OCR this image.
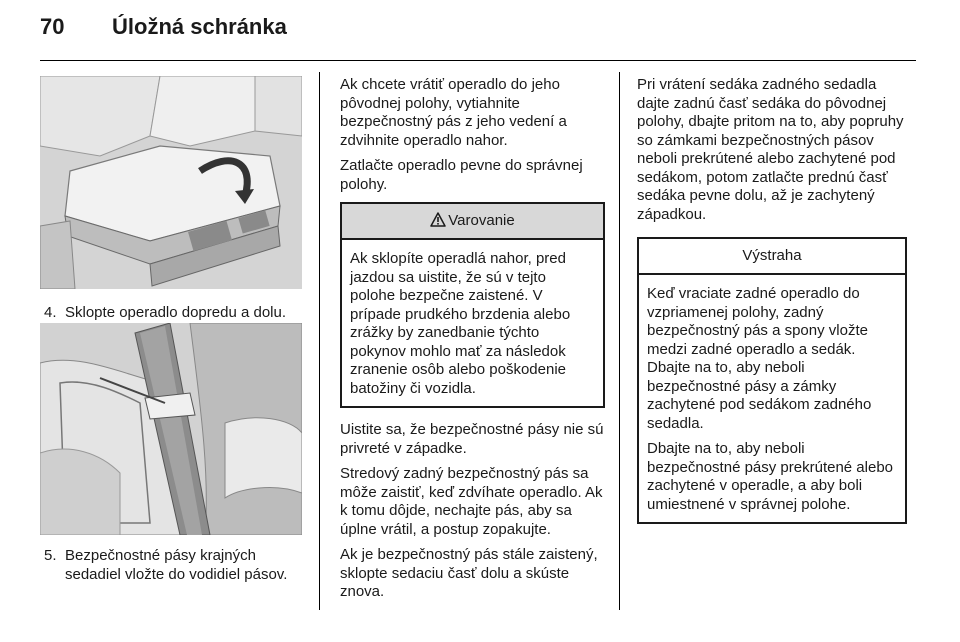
70 Úložná schránka
4. Sklopte operadlo dopredu a dolu.
5. Bezpečnostné pásy krajných sedadiel vložte do vodidiel pásov.

Ak chcete vrátiť operadlo do jeho pôvodnej polohy, vytiahnite bezpečnostný pás z jeho vedení a zdvihnite operadlo nahor.

Zatlačte operadlo pevne do správnej polohy.

Varovanie

Ak sklopíte operadlá nahor, pred jazdou sa uistite, že sú v tejto polohe bezpečne zaistené. V prípade prudkého brzdenia alebo zrážky by zanedbanie týchto pokynov mohlo mať za následok zranenie osôb alebo poškodenie batožiny či vozidla.

Uistite sa, že bezpečnostné pásy nie sú privreté v západke.

Stredový zadný bezpečnostný pás sa môže zaistiť, keď zdvíhate operadlo. Ak k tomu dôjde, nechajte pás, aby sa úplne vrátil, a postup zopakujte.

Ak je bezpečnostný pás stále zaistený, sklopte sedaciu časť dolu a skúste znova.

Pri vrátení sedáka zadného sedadla dajte zadnú časť sedáka do pôvodnej polohy, dbajte pritom na to, aby popruhy so zámkami bezpečnostných pásov neboli prekrútené alebo zachytené pod sedákom, potom zatlačte prednú časť sedáka pevne dolu, až je zachytený západkou.

Výstraha

Keď vraciate zadné operadlo do vzpriamenej polohy, zadný bezpečnostný pás a spony vložte medzi zadné operadlo a sedák. Dbajte na to, aby neboli bezpečnostné pásy a zámky zachytené pod sedákom zadného sedadla.

Dbajte na to, aby neboli bezpečnostné pásy prekrútené alebo zachytené v operadle, a aby boli umiestnené v správnej polohe.
